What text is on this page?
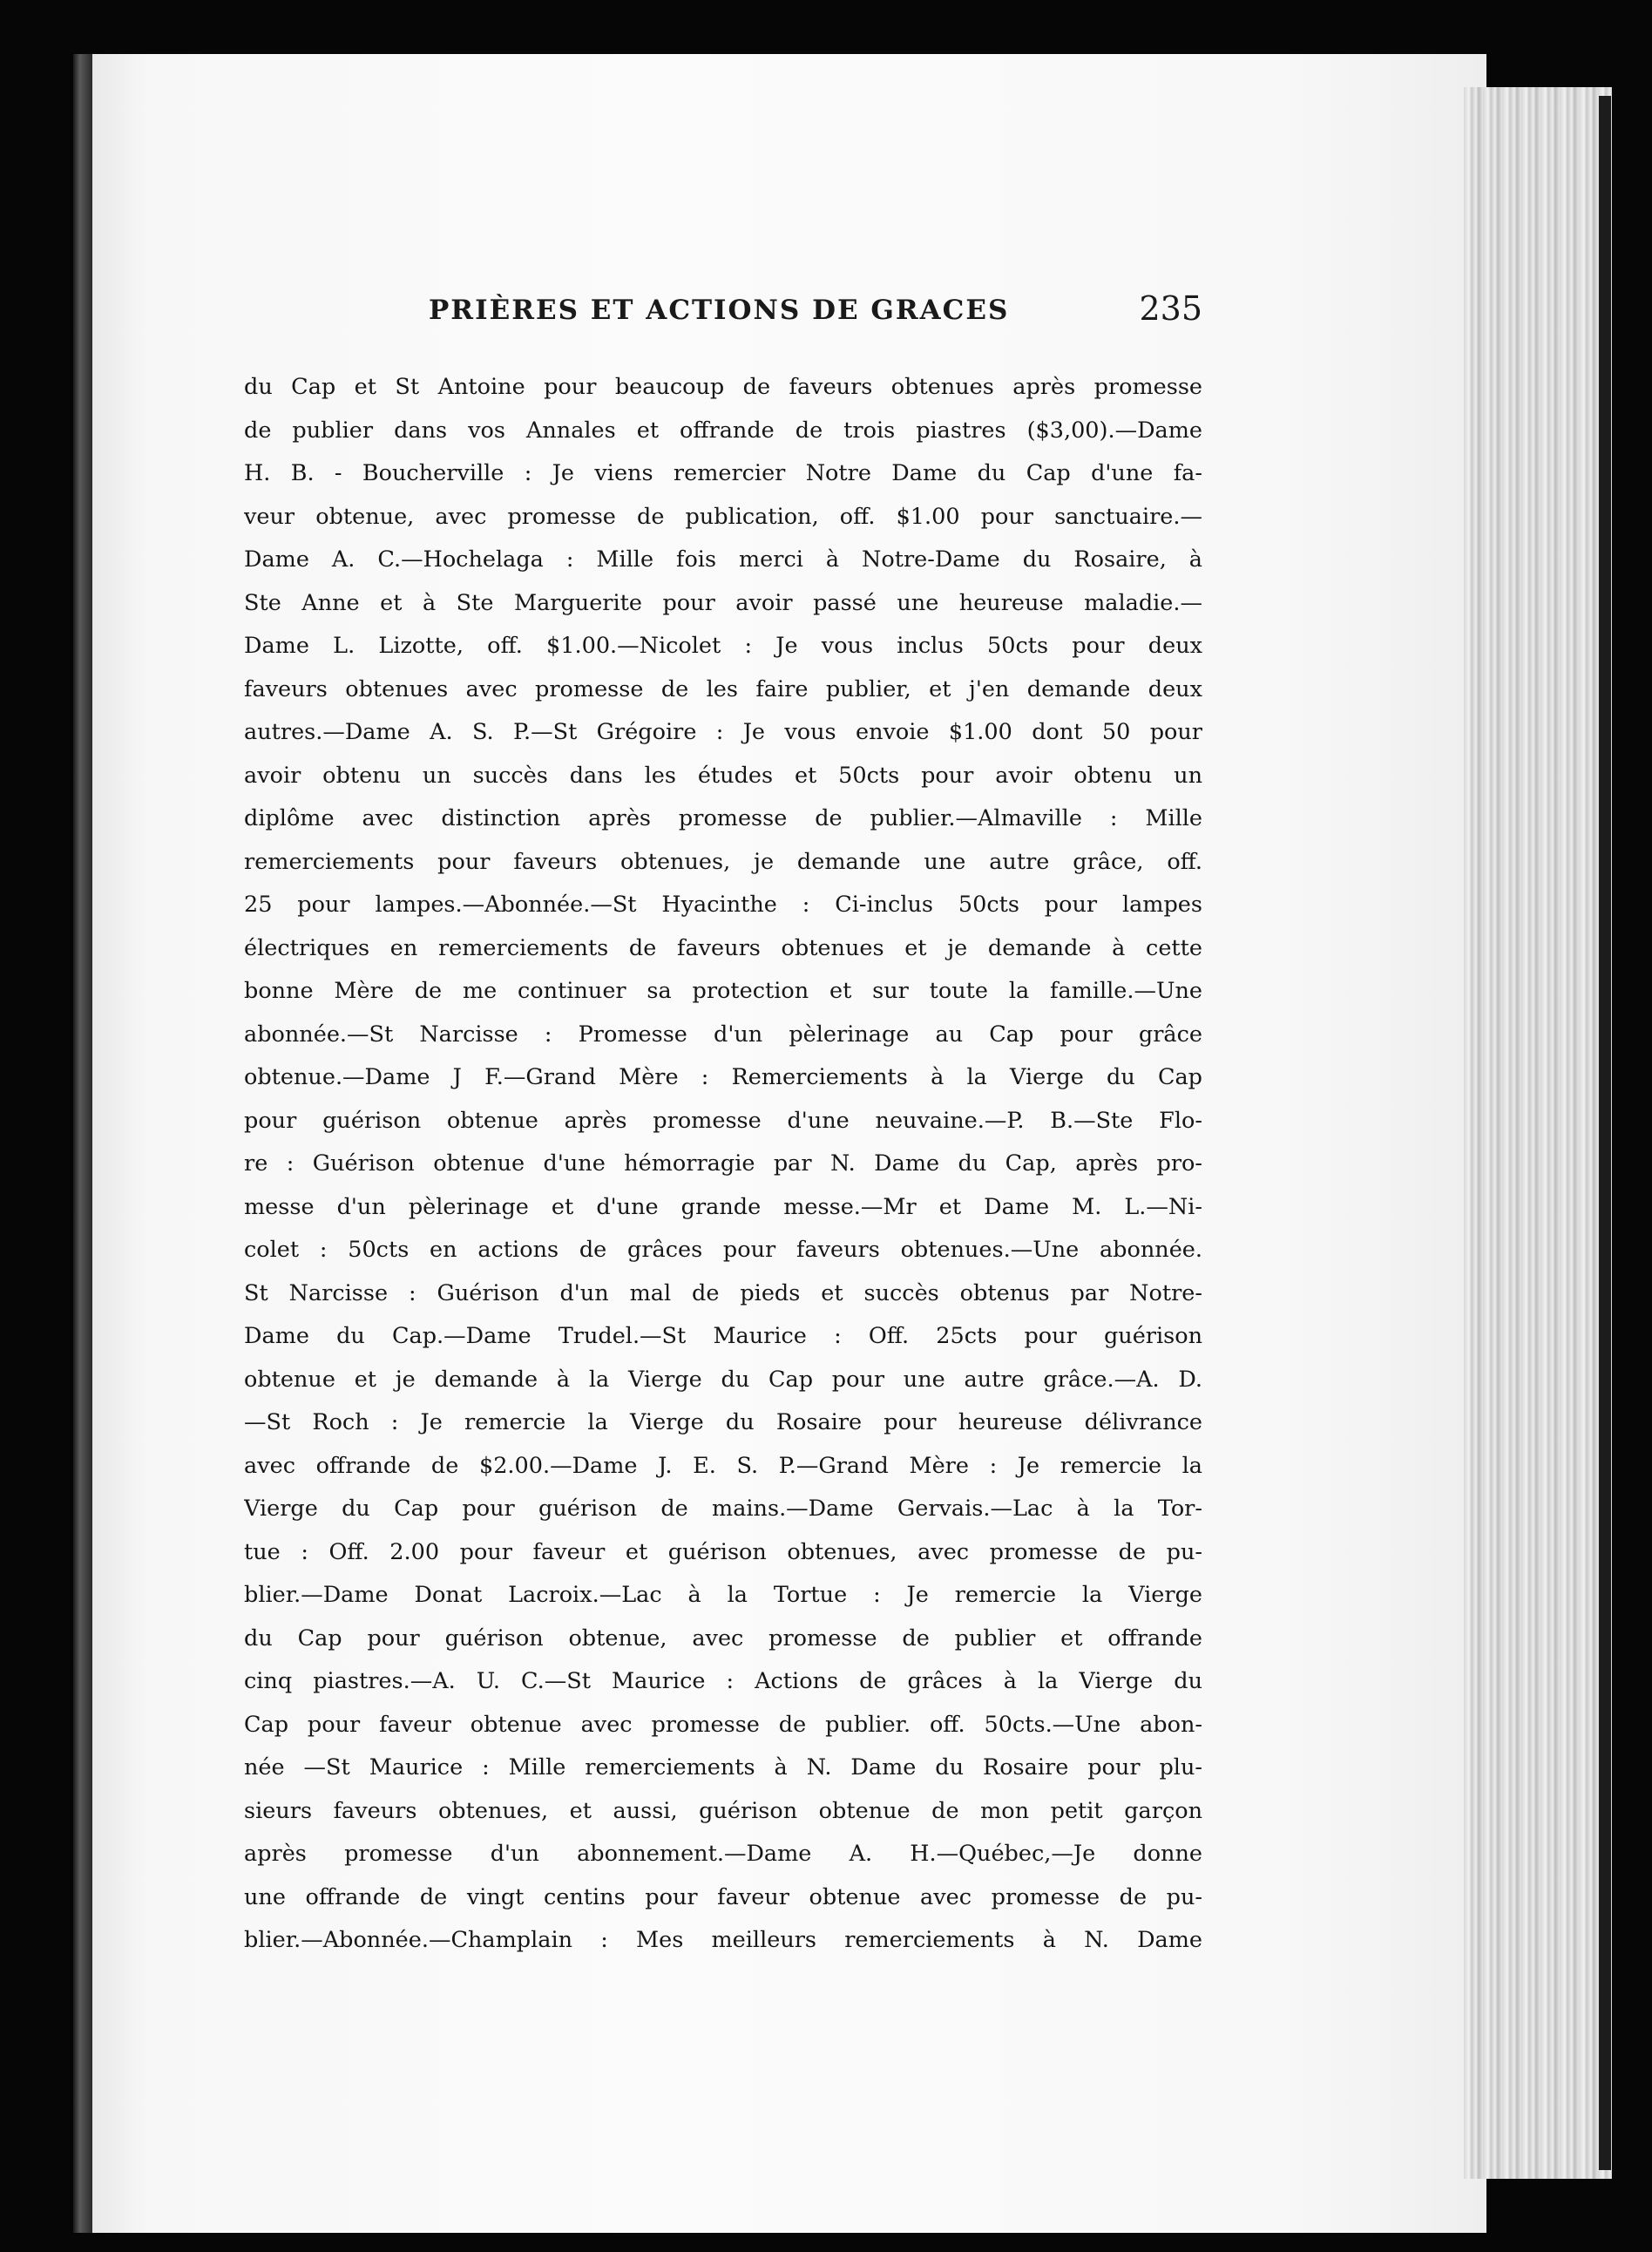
PRIÈRES ET ACTIONS DE GRACES	235
du Cap et St Antoine pour beaucoup de faveurs obtenues après promesse
de publier dans vos Annales et offrande de trois piastres ($3,00).—Dame
H. B. - Boucherville : Je viens remercier Notre Dame du Cap d'une fa-
veur obtenue, avec promesse de publication, off. $1.00 pour sanctuaire.—
Dame A. C.—Hochelaga : Mille fois merci à Notre-Dame du Rosaire, à
Ste Anne et à Ste Marguerite pour avoir passé une heureuse maladie.—
Dame L. Lizotte, off. $1.00.—Nicolet : Je vous inclus 50cts pour deux
faveurs obtenues avec promesse de les faire publier, et j'en demande deux
autres.—Dame A. S. P.—St Grégoire : Je vous envoie $1.00 dont 50 pour
avoir obtenu un succès dans les études et 50cts pour avoir obtenu un
diplôme avec distinction après promesse de publier.—Almaville : Mille
remerciements pour faveurs obtenues, je demande une autre grâce, off.
25 pour lampes.—Abonnée.—St Hyacinthe : Ci-inclus 50cts pour lampes
électriques en remerciements de faveurs obtenues et je demande à cette
bonne Mère de me continuer sa protection et sur toute la famille.—Une
abonnée.—St Narcisse : Promesse d'un pèlerinage au Cap pour grâce
obtenue.—Dame J F.—Grand Mère : Remerciements à la Vierge du Cap
pour guérison obtenue après promesse d'une neuvaine.—P. B.—Ste Flo-
re : Guérison obtenue d'une hémorragie par N. Dame du Cap, après pro-
messe d'un pèlerinage et d'une grande messe.—Mr et Dame M. L.—Ni-
colet : 50cts en actions de grâces pour faveurs obtenues.—Une abonnée.
St Narcisse : Guérison d'un mal de pieds et succès obtenus par Notre-
Dame du Cap.—Dame Trudel.—St Maurice : Off. 25cts pour guérison
obtenue et je demande à la Vierge du Cap pour une autre grâce.—A. D.
—St Roch : Je remercie la Vierge du Rosaire pour heureuse délivrance
avec offrande de $2.00.—Dame J. E. S. P.—Grand Mère : Je remercie la
Vierge du Cap pour guérison de mains.—Dame Gervais.—Lac à la Tor-
tue : Off. 2.00 pour faveur et guérison obtenues, avec promesse de pu-
blier.—Dame Donat Lacroix.—Lac à la Tortue : Je remercie la Vierge
du Cap pour guérison obtenue, avec promesse de publier et offrande
cinq piastres.—A. U. C.—St Maurice : Actions de grâces à la Vierge du
Cap pour faveur obtenue avec promesse de publier. off. 50cts.—Une abon-
née —St Maurice : Mille remerciements à N. Dame du Rosaire pour plu-
sieurs faveurs obtenues, et aussi, guérison obtenue de mon petit garçon
après promesse d'un abonnement.—Dame A. H.—Québec,—Je donne
une offrande de vingt centins pour faveur obtenue avec promesse de pu-
blier.—Abonnée.—Champlain : Mes meilleurs remerciements à N. Dame
